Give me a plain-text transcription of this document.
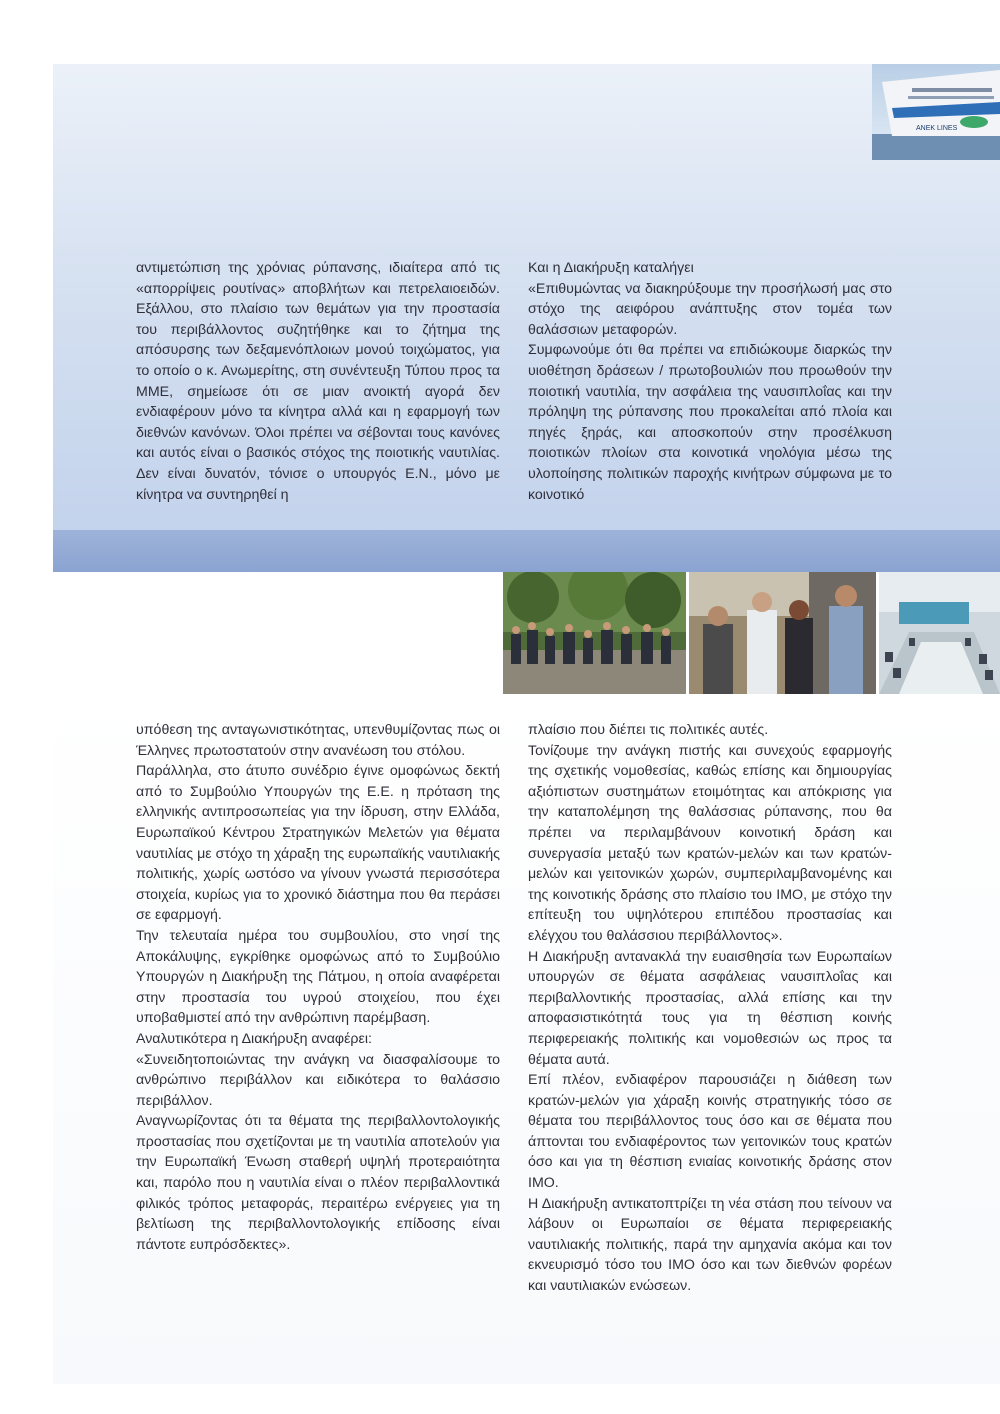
ANEK LINES

αντιμετώπιση της χρόνιας ρύπανσης, ιδιαίτερα από τις «απορρίψεις ρουτίνας» αποβλήτων και πετρελαιοειδών. Εξάλλου, στο πλαίσιο των θεμάτων για την προστασία του περιβάλλοντος συζητήθηκε και το ζήτημα της απόσυρσης των δεξαμενόπλοιων μονού τοιχώματος, για το οποίο ο κ. Ανωμερίτης, στη συνέντευξη Τύπου προς τα ΜΜΕ, σημείωσε ότι σε μιαν ανοικτή αγορά δεν ενδιαφέρουν μόνο τα κίνητρα αλλά και η εφαρμογή των διεθνών κανόνων. Όλοι πρέπει να σέβονται τους κανόνες και αυτός είναι ο βασικός στόχος της ποιοτικής ναυτιλίας. Δεν είναι δυνατόν, τόνισε ο υπουργός Ε.Ν., μόνο με κίνητρα να συντηρηθεί η

Και η Διακήρυξη καταλήγει

«Επιθυμώντας να διακηρύξουμε την προσήλωσή μας στο στόχο της αειφόρου ανάπτυξης στον τομέα των θαλάσσιων μεταφορών.

Συμφωνούμε ότι θα πρέπει να επιδιώκουμε διαρκώς την υιοθέτηση δράσεων / πρωτοβουλιών που προωθούν την ποιοτική ναυτιλία, την ασφάλεια της ναυσιπλοΐας και την πρόληψη της ρύπανσης που προκαλείται από πλοία και πηγές ξηράς, και αποσκοπούν στην προσέλκυση ποιοτικών πλοίων στα κοινοτικά νηολόγια μέσω της υλοποίησης πολιτικών παροχής κινήτρων σύμφωνα με το κοινοτικό

υπόθεση της ανταγωνιστικότητας, υπενθυμίζοντας πως οι Έλληνες πρωτοστατούν στην ανανέωση του στόλου.

Παράλληλα, στο άτυπο συνέδριο έγινε ομοφώνως δεκτή από το Συμβούλιο Υπουργών της Ε.Ε. η πρόταση της ελληνικής αντιπροσωπείας για την ίδρυση, στην Ελλάδα, Ευρωπαϊκού Κέντρου Στρατηγικών Μελετών για θέματα ναυτιλίας με στόχο τη χάραξη της ευρωπαϊκής ναυτιλιακής πολιτικής, χωρίς ωστόσο να γίνουν γνωστά περισσότερα στοιχεία, κυρίως για το χρονικό διάστημα που θα περάσει σε εφαρμογή.

Την τελευταία ημέρα του συμβουλίου, στο νησί της Αποκάλυψης, εγκρίθηκε ομοφώνως από το Συμβούλιο Υπουργών η Διακήρυξη της Πάτμου, η οποία αναφέρεται στην προστασία του υγρού στοιχείου, που έχει υποβαθμιστεί από την ανθρώπινη παρέμβαση.

Αναλυτικότερα η Διακήρυξη αναφέρει:

«Συνειδητοποιώντας την ανάγκη να διασφαλίσουμε το ανθρώπινο περιβάλλον και ειδικότερα το θαλάσσιο περιβάλλον.

Αναγνωρίζοντας ότι τα θέματα της περιβαλλοντολογικής προστασίας που σχετίζονται με τη ναυτιλία αποτελούν για την Ευρωπαϊκή Ένωση σταθερή υψηλή προτεραιότητα και, παρόλο που η ναυτιλία είναι ο πλέον περιβαλλοντικά φιλικός τρόπος μεταφοράς, περαιτέρω ενέργειες για τη βελτίωση της περιβαλλοντολογικής επίδοσης είναι πάντοτε ευπρόσδεκτες».

πλαίσιο που διέπει τις πολιτικές αυτές.

Τονίζουμε την ανάγκη πιστής και συνεχούς εφαρμογής της σχετικής νομοθεσίας, καθώς επίσης και δημιουργίας αξιόπιστων συστημάτων ετοιμότητας και απόκρισης για την καταπολέμηση της θαλάσσιας ρύπανσης, που θα πρέπει να περιλαμβάνουν κοινοτική δράση και συνεργασία μεταξύ των κρατών-μελών και των κρατών-μελών και γειτονικών χωρών, συμπεριλαμβανομένης και της κοινοτικής δράσης στο πλαίσιο του ΙΜΟ, με στόχο την επίτευξη του υψηλότερου επιπέδου προστασίας και ελέγχου του θαλάσσιου περιβάλλοντος».

Η Διακήρυξη αντανακλά την ευαισθησία των Ευρωπαίων υπουργών σε θέματα ασφάλειας ναυσιπλοΐας και περιβαλλοντικής προστασίας, αλλά επίσης και την αποφασιστικότητά τους για τη θέσπιση κοινής περιφερειακής πολιτικής και νομοθεσιών ως προς τα θέματα αυτά.

Επί πλέον, ενδιαφέρον παρουσιάζει η διάθεση των κρατών-μελών για χάραξη κοινής στρατηγικής τόσο σε θέματα του περιβάλλοντος τους όσο και σε θέματα που άπτονται του ενδιαφέροντος των γειτονικών τους κρατών όσο και για τη θέσπιση ενιαίας κοινοτικής δράσης στον ΙΜΟ.

Η Διακήρυξη αντικατοπτρίζει τη νέα στάση που τείνουν να λάβουν οι Ευρωπαίοι σε θέματα περιφερειακής ναυτιλιακής πολιτικής, παρά την αμηχανία ακόμα και τον εκνευρισμό τόσο του ΙΜΟ όσο και των διεθνών φορέων και ναυτιλιακών ενώσεων.
